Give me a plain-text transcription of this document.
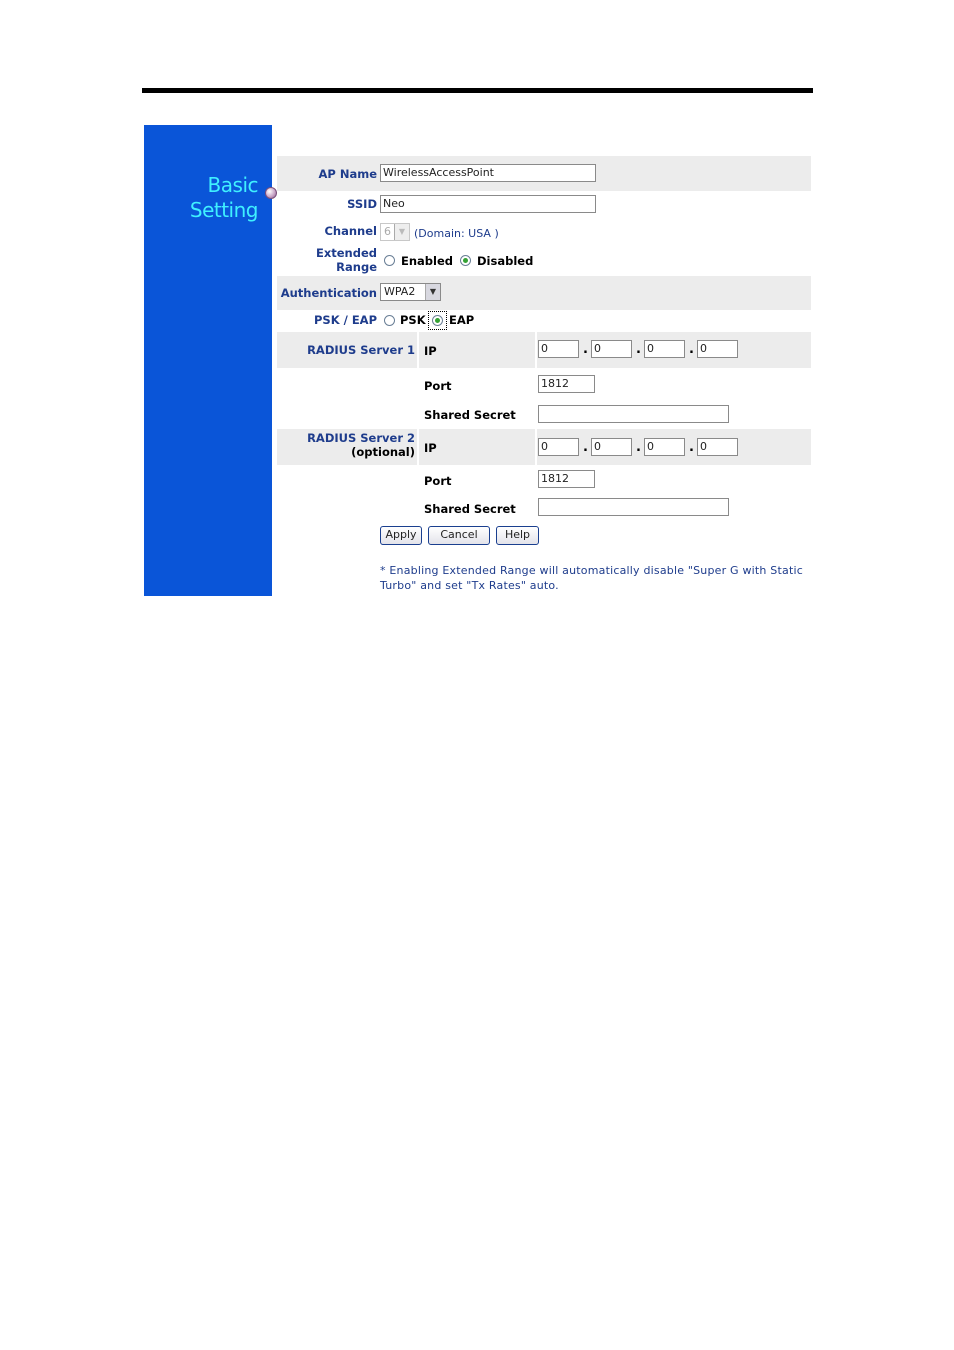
Basic
Setting
AP Name WirelessAccessPoint
SSID Neo
Channel 6 ▼ (Domain: USA )
Extended
Range Enabled Disabled
Authentication WPA2	▼
PSK / EAP PSK EAP
RADIUS Server 1 IP	0	. 0	. 0	. 0
Port	1812
Shared Secret
RADIUS Server 2
(optional) IP	0	. 0	. 0	. 0
Port	1812
Shared Secret
Apply	Cancel	Help
* Enabling Extended Range will automatically disable "Super G with Static Turbo" and set "Tx Rates" auto.
